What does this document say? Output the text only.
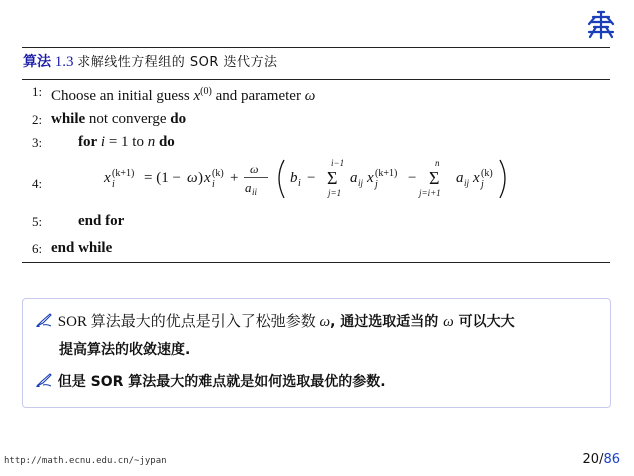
算法 1.3 求解线性方程组的 SOR 迭代方法
1: Choose an initial guess $x^{(0)}$ and parameter ω
2: while not converge do
3: for i = 1 to n do
4:	x (k+1)
i = (1 − ω ) x (k)
i +
ω
a ii
b i −
i−1
Σ
j=1
a ij x (k+1)
j −
n
Σ
j=i+1
a ij x (k)
j
5: end for
6: end while
SOR 算法最大的优点是引入了松弛参数 ω, 通过选取适当的 ω 可以大大
提高算法的收敛速度.
但是 SOR 算法最大的难点就是如何选取最优的参数.
http://math.ecnu.edu.cn/~jypan	20/86
